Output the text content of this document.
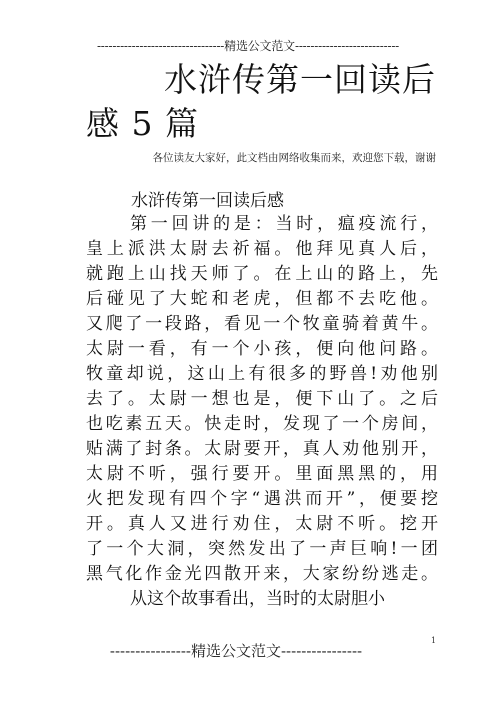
---------------------------------精选公文范文---------------------------
水浒传第一回读后
感 5 篇
各位读友大家好，此文档由网络收集而来，欢迎您下载，谢谢
水浒传第一回读后感
第一回讲的是：当时，瘟疫流行，
皇上派洪太尉去祈福。他拜见真人后，
就跑上山找天师了。在上山的路上，先
后碰见了大蛇和老虎，但都不去吃他。
又爬了一段路，看见一个牧童骑着黄牛。
太尉一看，有一个小孩，便向他问路。
牧童却说，这山上有很多的野兽!劝他别
去了。太尉一想也是，便下山了。之后
也吃素五天。快走时，发现了一个房间，
贴满了封条。太尉要开，真人劝他别开，
太尉不听，强行要开。里面黑黑的，用
火把发现有四个字“遇洪而开”，便要挖
开。真人又进行劝住，太尉不听。挖开
了一个大洞，突然发出了一声巨响!一团
黑气化作金光四散开来，大家纷纷逃走。
从这个故事看出，当时的太尉胆小
1
----------------精选公文范文----------------
